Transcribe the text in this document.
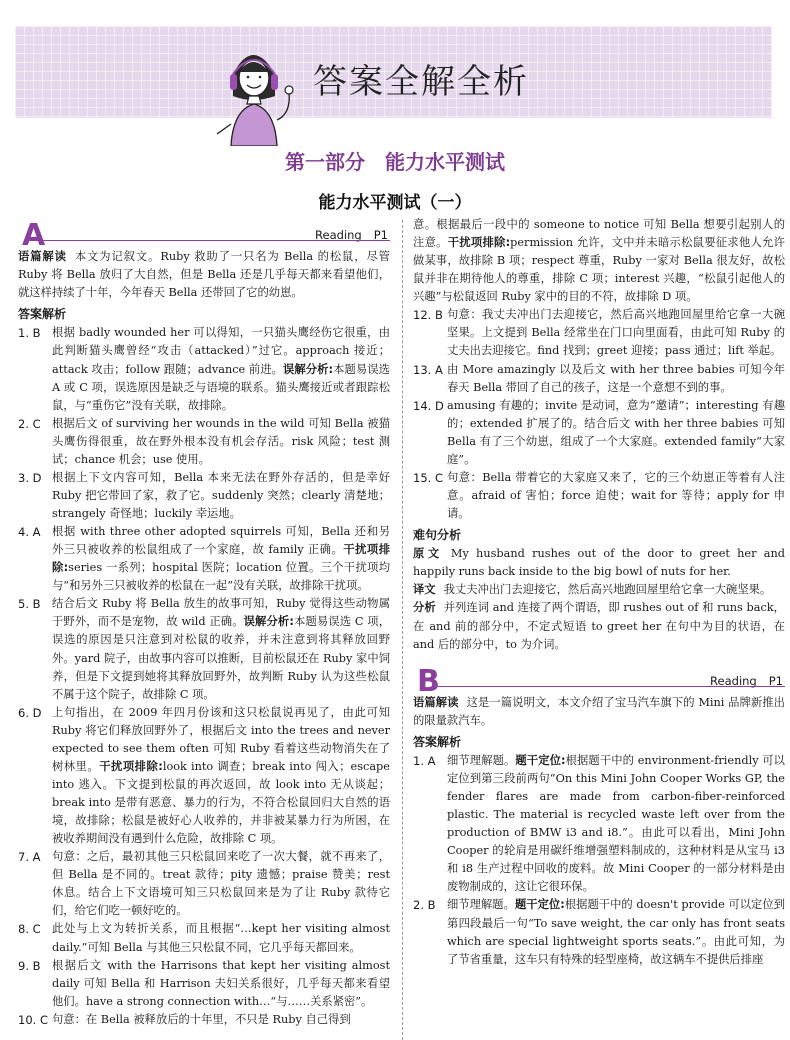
答案全解全析
第一部分　能力水平测试
能力水平测试（一）
A	Reading P1

语篇解读 本文为记叙文。Ruby 救助了一只名为 Bella 的松鼠，尽管 Ruby 将 Bella 放归了大自然，但是 Bella 还是几乎每天都来看望他们，就这样持续了十年，今年春天 Bella 还带回了它的幼崽。

答案解析
1. B	根据 badly wounded her 可以得知，一只猫头鹰经伤它很重，由此判断猫头鹰曾经“攻击（attacked）”过它。approach 接近；attack 攻击；follow 跟随；advance 前进。误解分析:本题易误选 A 或 C 项，误选原因是缺乏与语境的联系。猫头鹰接近或者跟踪松鼠，与“重伤它”没有关联，故排除。

2. C	根据后文 of surviving her wounds in the wild 可知 Bella 被猫头鹰伤得很重，故在野外根本没有机会存活。risk 风险；test 测试；chance 机会；use 使用。

3. D 根据上下文内容可知，Bella 本来无法在野外存活的，但是幸好 Ruby 把它带回了家，救了它。suddenly 突然；clearly 清楚地；strangely 奇怪地；luckily 幸运地。

4. A	根据 with three other adopted squirrels 可知，Bella 还和另外三只被收养的松鼠组成了一个家庭，故 family 正确。干扰项排除:series 一系列；hospital 医院；location 位置。三个干扰项均与“和另外三只被收养的松鼠在一起”没有关联，故排除干扰项。

5. B	结合后文 Ruby 将 Bella 放生的故事可知，Ruby 觉得这些动物属于野外，而不是宠物，故 wild 正确。误解分析:本题易误选 C 项，误选的原因是只注意到对松鼠的收养，并未注意到将其释放回野外。yard 院子，由故事内容可以推断，目前松鼠还在 Ruby 家中饲养，但是下文提到她将其释放回野外，故判断 Ruby 认为这些松鼠不属于这个院子，故排除 C 项。

6. D 上句指出，在 2009 年四月份该和这只松鼠说再见了，由此可知 Ruby 将它们释放回野外了，根据后文 into the trees and never expected to see them often 可知 Ruby 看着这些动物消失在了树林里。干扰项排除:look into 调查；break into 闯入；escape into 逃入。下文提到松鼠的再次返回，故 look into 无从谈起；break into 是带有恶意、暴力的行为，不符合松鼠回归大自然的语境，故排除；松鼠是被好心人收养的，并非被某暴力行为所困，在被收养期间没有遇到什么危险，故排除 C 项。

7. A	句意：之后，最初其他三只松鼠回来吃了一次大餐，就不再来了，但 Bella 是不同的。treat 款待；pity 遗憾；praise 赞美；rest 休息。结合上下文语境可知三只松鼠回来是为了让 Ruby 款待它们，给它们吃一顿好吃的。

8. C	此处与上文为转折关系，而且根据“…kept her visiting almost daily.”可知 Bella 与其他三只松鼠不同，它几乎每天都回来。

9. B	根据后文 with the Harrisons that kept her visiting almost daily 可知 Bella 和 Harrison 夫妇关系很好，几乎每天都来看望他们。have a strong connection with…“与……关系紧密”。

10. C 句意：在 Bella 被释放后的十年里，不只是 Ruby 自己得到

意。根据最后一段中的 someone to notice 可知 Bella 想要引起别人的注意。干扰项排除:permission 允许，文中并未暗示松鼠要征求他人允许做某事，故排除 B 项；respect 尊重，Ruby 一家对 Bella 很友好，故松鼠并非在期待他人的尊重，排除 C 项；interest 兴趣，“松鼠引起他人的兴趣”与松鼠返回 Ruby 家中的目的不符，故排除 D 项。

12. B 句意：我丈夫冲出门去迎接它，然后高兴地跑回屋里给它拿一大碗坚果。上文提到 Bella 经常坐在门口向里面看，由此可知 Ruby 的丈夫出去迎接它。find 找到；greet 迎接；pass 通过；lift 举起。

13. A 由 More amazingly 以及后文 with her three babies 可知今年春天 Bella 带回了自己的孩子，这是一个意想不到的事。

14. D amusing 有趣的；invite 是动词，意为“邀请”；interesting 有趣的；extended 扩展了的。结合后文 with her three babies 可知 Bella 有了三个幼崽，组成了一个大家庭。extended family“大家庭”。

15. C 句意：Bella 带着它的大家庭又来了，它的三个幼崽正等着有人注意。afraid of 害怕；force 迫使；wait for 等待；apply for 申请。

难句分析

原文 My husband rushes out of the door to greet her and happily runs back inside to the big bowl of nuts for her.

译文 我丈夫冲出门去迎接它，然后高兴地跑回屋里给它拿一大碗坚果。

分析 并列连词 and 连接了两个谓语，即 rushes out of 和 runs back，在 and 前的部分中，不定式短语 to greet her 在句中为目的状语，在 and 后的部分中，to 为介词。

B	Reading P1

语篇解读 这是一篇说明文，本文介绍了宝马汽车旗下的 Mini 品牌新推出的限量款汽车。

答案解析
1. A	细节理解题。题干定位:根据题干中的 environment-friendly 可以定位到第三段前两句“On this Mini John Cooper Works GP, the fender flares are made from carbon-fiber-reinforced plastic. The material is recycled waste left over from the production of BMW i3 and i8.”。由此可以看出，Mini John Cooper 的轮肩是用碳纤维增强塑料制成的，这种材料是从宝马 i3 和 i8 生产过程中回收的废料。故 Mini Cooper 的一部分材料是由废物制成的，这让它很环保。

2. B	细节理解题。题干定位:根据题干中的 doesn't provide 可以定位到第四段最后一句“To save weight, the car only has front seats which are special lightweight sports seats.”。由此可知，为了节省重量，这车只有特殊的轻型座椅，故这辆车不提供后排座
